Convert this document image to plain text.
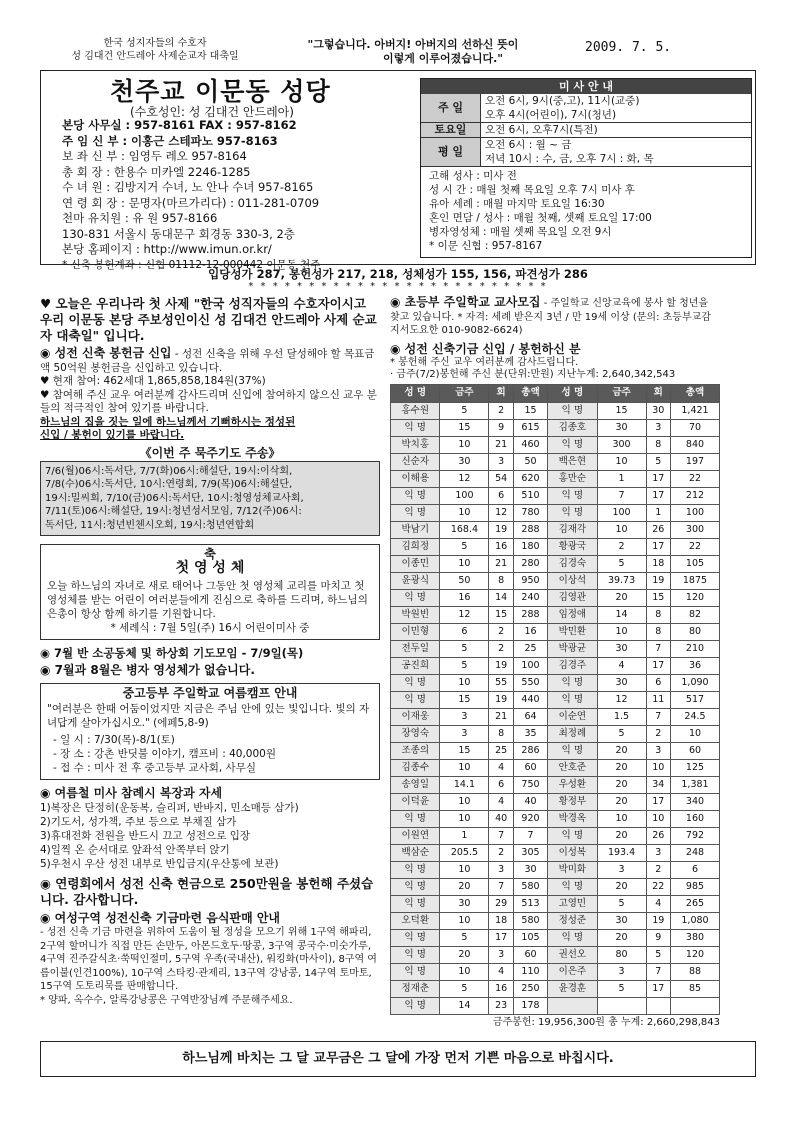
한국 성지자들의 수호자
성 김대건 안드레아 사제순교자 대축일
"그렇습니다. 아버지! 아버지의 선하신 뜻이
이렇게 이루어졌습니다."
2009. 7. 5.
천주교 이문동 성당
(수호성인: 성 김대건 안드레아)
본당 사무실 : 957-8161 FAX : 957-8162
주 임 신 부 : 이홍근 스테파노 957-8163
보 좌 신 부 : 임영두 레오 957-8164
총 회 장 : 한용수 미카엘 2246-1285
수 녀 원 : 김방지거 수녀, 노 안나 수녀 957-8165
연 령 회 장 : 문명자(마르가리다) : 011-281-0709
천마 유치원 : 유 원 957-8166
130-831 서울시 동대문구 회경동 330-3, 2층
본당 홈페이지 : http://www.imun.or.kr/
* 신축 봉헌계좌 : 신협 01112-12-000442 이문동 천주
미 사 안 내
주 일
오전 6시, 9시(중,고), 11시(교중)
오후 4시(어린이), 7시(청년)
토요일	오전 6시, 오후7시(특전)
평 일
오전 6시 : 월 ~ 금
저녁 10시 : 수, 금, 오후 7시 : 화, 목
고해 성사 : 미사 전
성 시 간 : 매월 첫째 목요일 오후 7시 미사 후
유아 세례 : 매월 마지막 토요일 16:30
혼인 면담 / 성사 : 매월 첫째, 셋째 토요일 17:00
병자영성체 : 매월 셋째 목요일 오전 9시
* 이문 신협 : 957-8167
입당성가 287, 봉헌성가 217, 218, 성체성가 155, 156, 파견성가 286
* * * * * * * * * * * * * * * * * * * * * * * * *
♥ 오늘은 우리나라 첫 사제 "한국 성직자들의 수호자이시고 우리 이문동 본당 주보성인이신 성 김대건 안드레아 사제 순교자 대축일" 입니다.
◉ 성전 신축 봉헌금 신입 - 성전 신축을 위해 우선 달성해야 할 목표금액 50억원 봉헌금을 신입하고 있습니다.
♥ 현재 참여: 462세대 1,865,858,184원(37%)
♥ 참여해 주신 교우 여러분께 감사드리며 신입에 참여하지 않으신 교우 분들의 적극적인 참여 있기를 바랍니다.
하느님의 집을 짓는 일에 하느님께서 기뻐하시는 정성된
신입 / 봉헌이 있기를 바랍니다.
《이번 주 묵주기도 주송》
7/6(월)06시:독서단, 7/7(화)06시:해설단, 19시:이삭회,
7/8(수)06시:독서단, 10시:연령회, 7/9(목)06시:해설단,
19시:밀씨회, 7/10(금)06시:독서단, 10시:청영성체교사회,
7/11(토)06시:해설단, 19시:청년성서모임, 7/12(주)06시:
독서단, 11시:청년빈첸시오회, 19시:청년연합회
축
첫 영 성 체
오늘 하느님의 자녀로 새로 태어나 그동안 첫 영성체 교리를 마치고 첫 영성체를 받는 어린이 여러분들에게 진심으로 축하를 드리며, 하느님의 은총이 항상 함께 하기를 기원합니다.
* 세례식 : 7월 5일(주) 16시 어린이미사 중
◉ 7월 반 소공동체 및 하상회 기도모임 - 7/9일(목)
◉ 7월과 8월은 병자 영성체가 없습니다.
중고등부 주일학교 여름캠프 안내
"여러분은 한때 어둠이었지만 지금은 주님 안에 있는 빛입니다. 빛의 자녀답게 살아가십시오." (에페5,8-9)
- 일 시 : 7/30(목)-8/1(토)
- 장 소 : 강촌 반딧불 이야기, 캠프비 : 40,000원
- 접 수 : 미사 전 후 중고등부 교사회, 사무실
◉ 여름철 미사 참례시 복장과 자세
1)복장은 단정히(운동복, 슬리퍼, 반바지, 민소매등 삼가)
2)기도서, 성가책, 주보 등으로 부채질 삼가
3)휴대전화 전원을 반드시 끄고 성전으로 입장
4)일찍 온 순서대로 앞좌석 안쪽부터 앉기
5)우천시 우산 성전 내부로 반입금지(우산통에 보관)
◉ 연령회에서 성전 신축 현금으로 250만원을 봉헌해 주셨습니다. 감사합니다.
◉ 여성구역 성전신축 기금마련 음식판매 안내
- 성전 신축 기금 마련을 위하여 도움이 될 정성을 모으기 위해 1구역 해파리, 2구역 할머니가 직접 만든 손만두, 아몬드호두·땅콩, 3구역 콩국수·미숫가루, 4구역 진주갈식초·쑥떡인절미, 5구역 우족(국내산), 워킹화(마사이), 8구역 여름이불(인견100%), 10구역 스타킹·관제리, 13구역 강낭콩, 14구역 토마토, 15구역 도토리묵를 판매합니다.
* 양파, 옥수수, 알록강낭콩은 구역반장님께 주문해주세요.
◉ 초등부 주일학교 교사모집 - 주일학교 신앙교육에 봉사 할 청년을 찾고 있습니다. * 자격: 세례 받은지 3년 / 만 19세 이상 (문의: 초등부교감 지서도요한 010-9082-6624)
◉ 성전 신축기금 신입 / 봉헌하신 분
* 봉헌해 주신 교우 여러분께 감사드립니다.
· 금주(7/2)봉헌해 주신 분(단위:만원) 지난누계: 2,640,342,543
성 명	금주	회	총액	성 명	금주	회	총액
홍수원	5	2	15	익 명	15	30	1,421
익 명	15	9	615	김종호	30	3	70
박치홍	10	21	460	익 명	300	8	840
신순자	30	3	50	백은현	10	5	197
이해용	12	54	620	홍만순	1	17	22
익 명	100	6	510	익 명	7	17	212
익 명	10	12	780	익 명	100	1	100
박남기	168.4	19	288	김재각	10	26	300
김희정	5	16	180	황광국	2	17	22
이종민	10	21	280	김경숙	5	18	105
윤광식	50	8	950	이상석	39.73	19	1875
익 명	16	14	240	김영관	20	15	120
박원빈	12	15	288	임정애	14	8	82
이민형	6	2	16	박민환	10	8	80
전두일	5	2	25	박광균	30	7	210
공진희	5	19	100	김경주	4	17	36
익 명	10	55	550	익 명	30	6	1,090
익 명	15	19	440	익 명	12	11	517
이재웅	3	21	64	이순연	1.5	7	24.5
장영숙	3	8	35	최정례	5	2	10
조종의	15	25	286	익 명	20	3	60
김종수	10	4	60	안호준	20	10	125
송영일	14.1	6	750	우성환	20	34	1,381
이덕윤	10	4	40	황정부	20	17	340
익 명	10	40	920	박경옥	10	10	160
이원연	1	7	7	익 명	20	26	792
백삼순	205.5	2	305	이성복	193.4	3	248
익 명	10	3	30	박미화	3	2	6
익 명	20	7	580	익 명	20	22	985
익 명	30	29	513	고영민	5	4	265
오덕환	10	18	580	정성준	30	19	1,080
익 명	5	17	105	익 명	20	9	380
익 명	20	3	60	권선오	80	5	120
익 명	10	4	110	이은주	3	7	88
정재춘	5	16	250	윤경훈	5	17	85
익 명	14	23	178				
금주봉헌: 19,956,300원 총 누계: 2,660,298,843
하느님께 바치는 그 달 교무금은 그 달에 가장 먼저 기쁜 마음으로 바칩시다.
